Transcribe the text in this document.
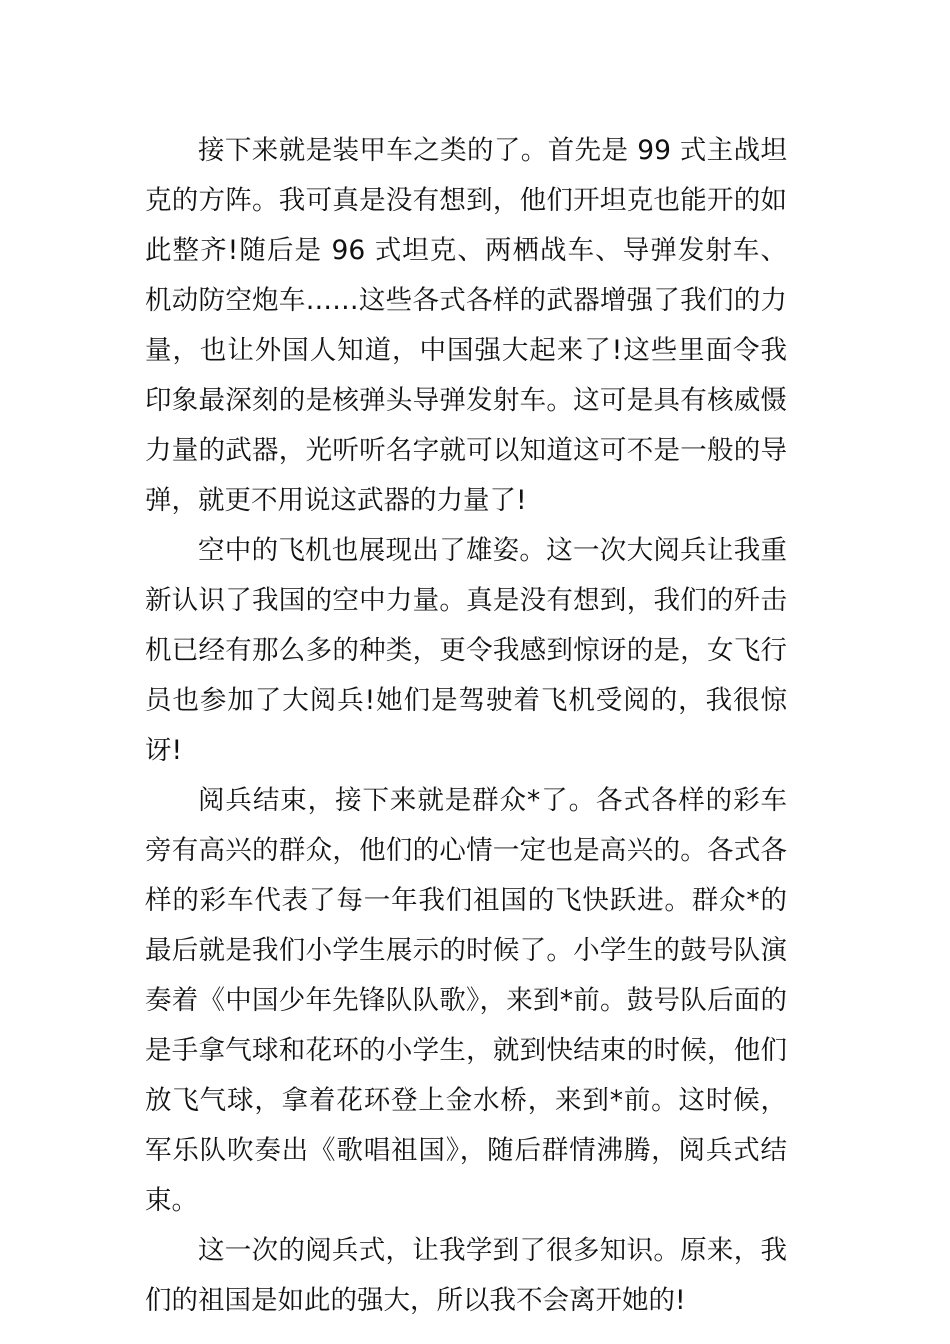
接下来就是装甲车之类的了。首先是 99 式主战坦克的方阵。我可真是没有想到，他们开坦克也能开的如此整齐!随后是 96 式坦克、两栖战车、导弹发射车、机动防空炮车……这些各式各样的武器增强了我们的力量，也让外国人知道，中国强大起来了!这些里面令我印象最深刻的是核弹头导弹发射车。这可是具有核威慑力量的武器，光听听名字就可以知道这可不是一般的导弹，就更不用说这武器的力量了!

空中的飞机也展现出了雄姿。这一次大阅兵让我重新认识了我国的空中力量。真是没有想到，我们的歼击机已经有那么多的种类，更令我感到惊讶的是，女飞行员也参加了大阅兵!她们是驾驶着飞机受阅的，我很惊讶!

阅兵结束，接下来就是群众*了。各式各样的彩车旁有高兴的群众，他们的心情一定也是高兴的。各式各样的彩车代表了每一年我们祖国的飞快跃进。群众*的最后就是我们小学生展示的时候了。小学生的鼓号队演奏着《中国少年先锋队队歌》，来到*前。鼓号队后面的是手拿气球和花环的小学生，就到快结束的时候，他们放飞气球，拿着花环登上金水桥，来到*前。这时候，军乐队吹奏出《歌唱祖国》，随后群情沸腾，阅兵式结束。

这一次的阅兵式，让我学到了很多知识。原来，我们的祖国是如此的强大，所以我不会离开她的!
